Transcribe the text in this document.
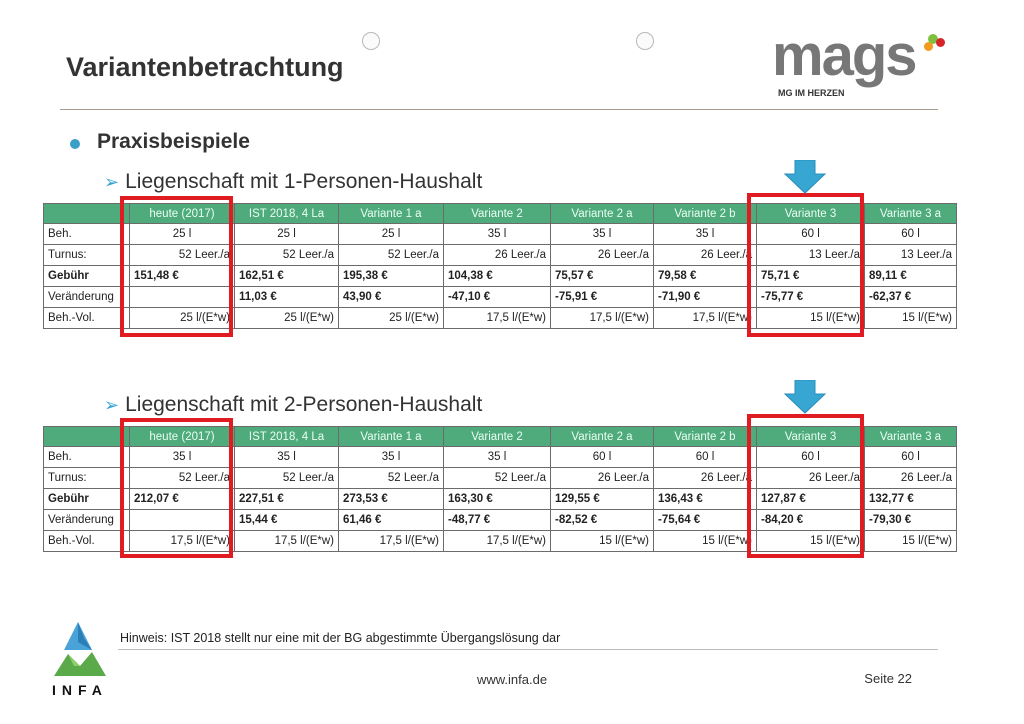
Variantenbetrachtung	mags
MG IM HERZEN
Praxisbeispiele
➢ Liegenschaft mit 1-Personen-Haushalt
	heute (2017)	IST 2018, 4 La	Variante 1 a	Variante 2	Variante 2 a	Variante 2 b	Variante 3	Variante 3 a
Beh.	25 l	25 l	25 l	35 l	35 l	35 l	60 l	60 l
Turnus:	52 Leer./a	52 Leer./a	52 Leer./a	26 Leer./a	26 Leer./a	26 Leer./a	13 Leer./a	13 Leer./a
Gebühr	151,48 €	162,51 €	195,38 €	104,38 €	75,57 €	79,58 €	75,71 €	89,11 €
Veränderung		11,03 €	43,90 €	-47,10 €	-75,91 €	-71,90 €	-75,77 €	-62,37 €
Beh.-Vol.	25 l/(E*w)	25 l/(E*w)	25 l/(E*w)	17,5 l/(E*w)	17,5 l/(E*w)	17,5 l/(E*w)	15 l/(E*w)	15 l/(E*w)
➢ Liegenschaft mit 2-Personen-Haushalt
	heute (2017)	IST 2018, 4 La	Variante 1 a	Variante 2	Variante 2 a	Variante 2 b	Variante 3	Variante 3 a
Beh.	35 l	35 l	35 l	35 l	60 l	60 l	60 l	60 l
Turnus:	52 Leer./a	52 Leer./a	52 Leer./a	52 Leer./a	26 Leer./a	26 Leer./a	26 Leer./a	26 Leer./a
Gebühr	212,07 €	227,51 €	273,53 €	163,30 €	129,55 €	136,43 €	127,87 €	132,77 €
Veränderung		15,44 €	61,46 €	-48,77 €	-82,52 €	-75,64 €	-84,20 €	-79,30 €
Beh.-Vol.	17,5 l/(E*w)	17,5 l/(E*w)	17,5 l/(E*w)	17,5 l/(E*w)	15 l/(E*w)	15 l/(E*w)	15 l/(E*w)	15 l/(E*w)
INFA
Hinweis: IST 2018 stellt nur eine mit der BG abgestimmte Übergangslösung dar
www.infa.de	Seite 22
